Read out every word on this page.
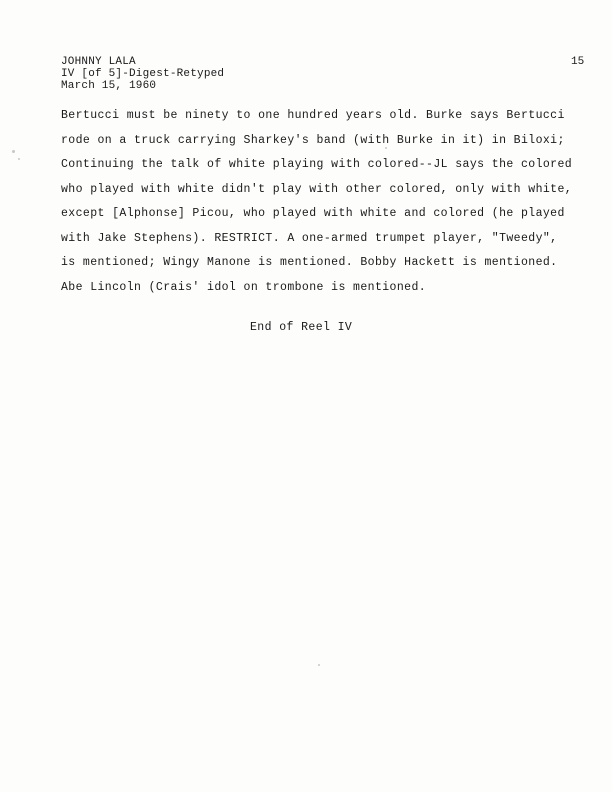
JOHNNY LALA
IV [of 5]-Digest-Retyped
March 15, 1960
15
Bertucci must be ninety to one hundred years old. Burke says Bertucci
rode on a truck carrying Sharkey's band (with Burke in it) in Biloxi;
Continuing the talk of white playing with colored--JL says the colored
who played with white didn't play with other colored, only with white,
except [Alphonse] Picou, who played with white and colored (he played
with Jake Stephens). RESTRICT. A one-armed trumpet player, "Tweedy",
is mentioned; Wingy Manone is mentioned. Bobby Hackett is mentioned.
Abe Lincoln (Crais' idol on trombone is mentioned.
End of Reel IV
